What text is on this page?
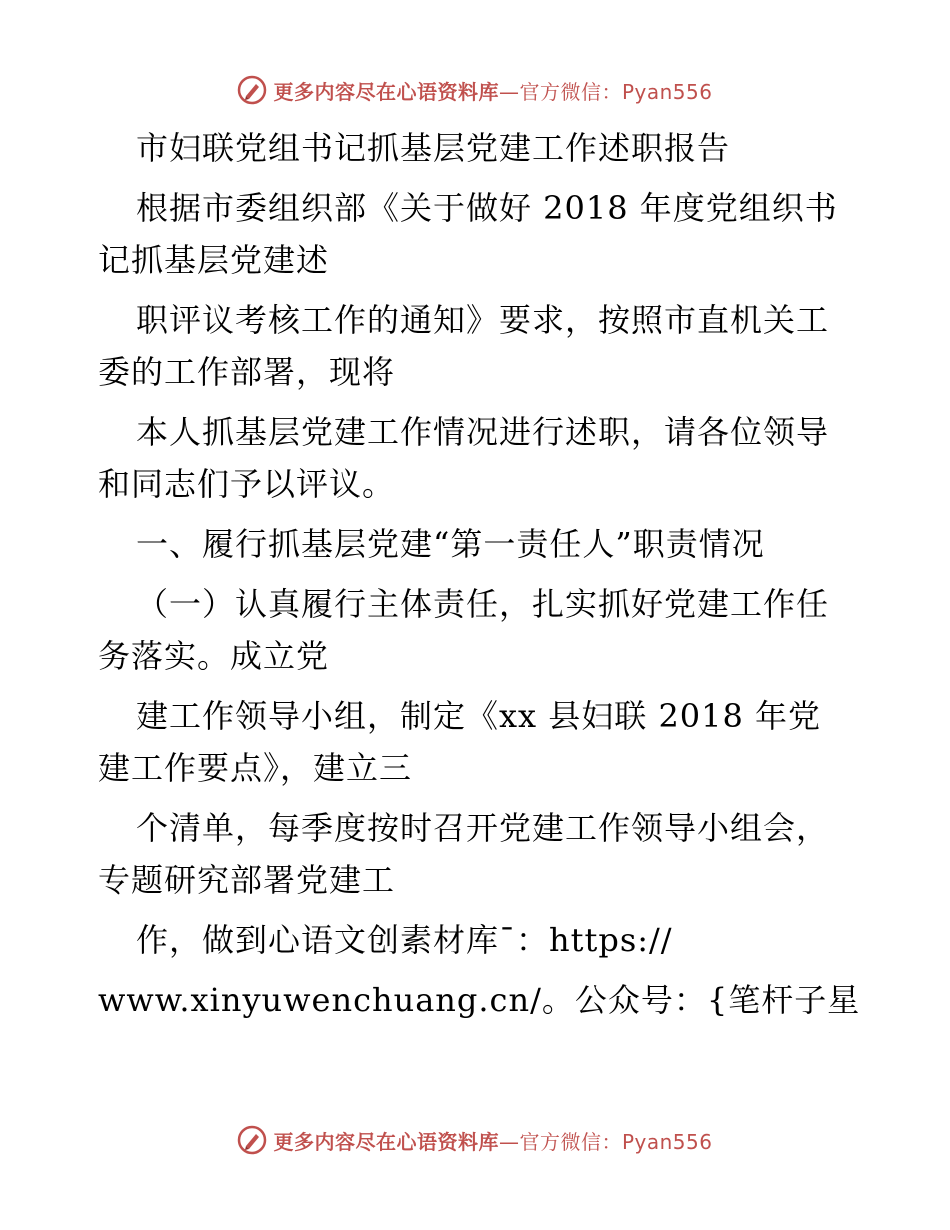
更多内容尽在心语资料库—官方微信：Pyan556
市妇联党组书记抓基层党建工作述职报告
根据市委组织部《关于做好 2018 年度党组织书
记抓基层党建述
职评议考核工作的通知》要求，按照市直机关工
委的工作部署，现将
本人抓基层党建工作情况进行述职，请各位领导
和同志们予以评议。
一、履行抓基层党建“第一责任人”职责情况
（一）认真履行主体责任，扎实抓好党建工作任
务落实。成立党
建工作领导小组，制定《xx 县妇联 2018 年党
建工作要点》，建立三
个清单，每季度按时召开党建工作领导小组会，
专题研究部署党建工
作，做到心语文创素材库¯：https://
www.xinyuwenchuang.cn/。公众号：{笔杆子星
更多内容尽在心语资料库—官方微信：Pyan556
